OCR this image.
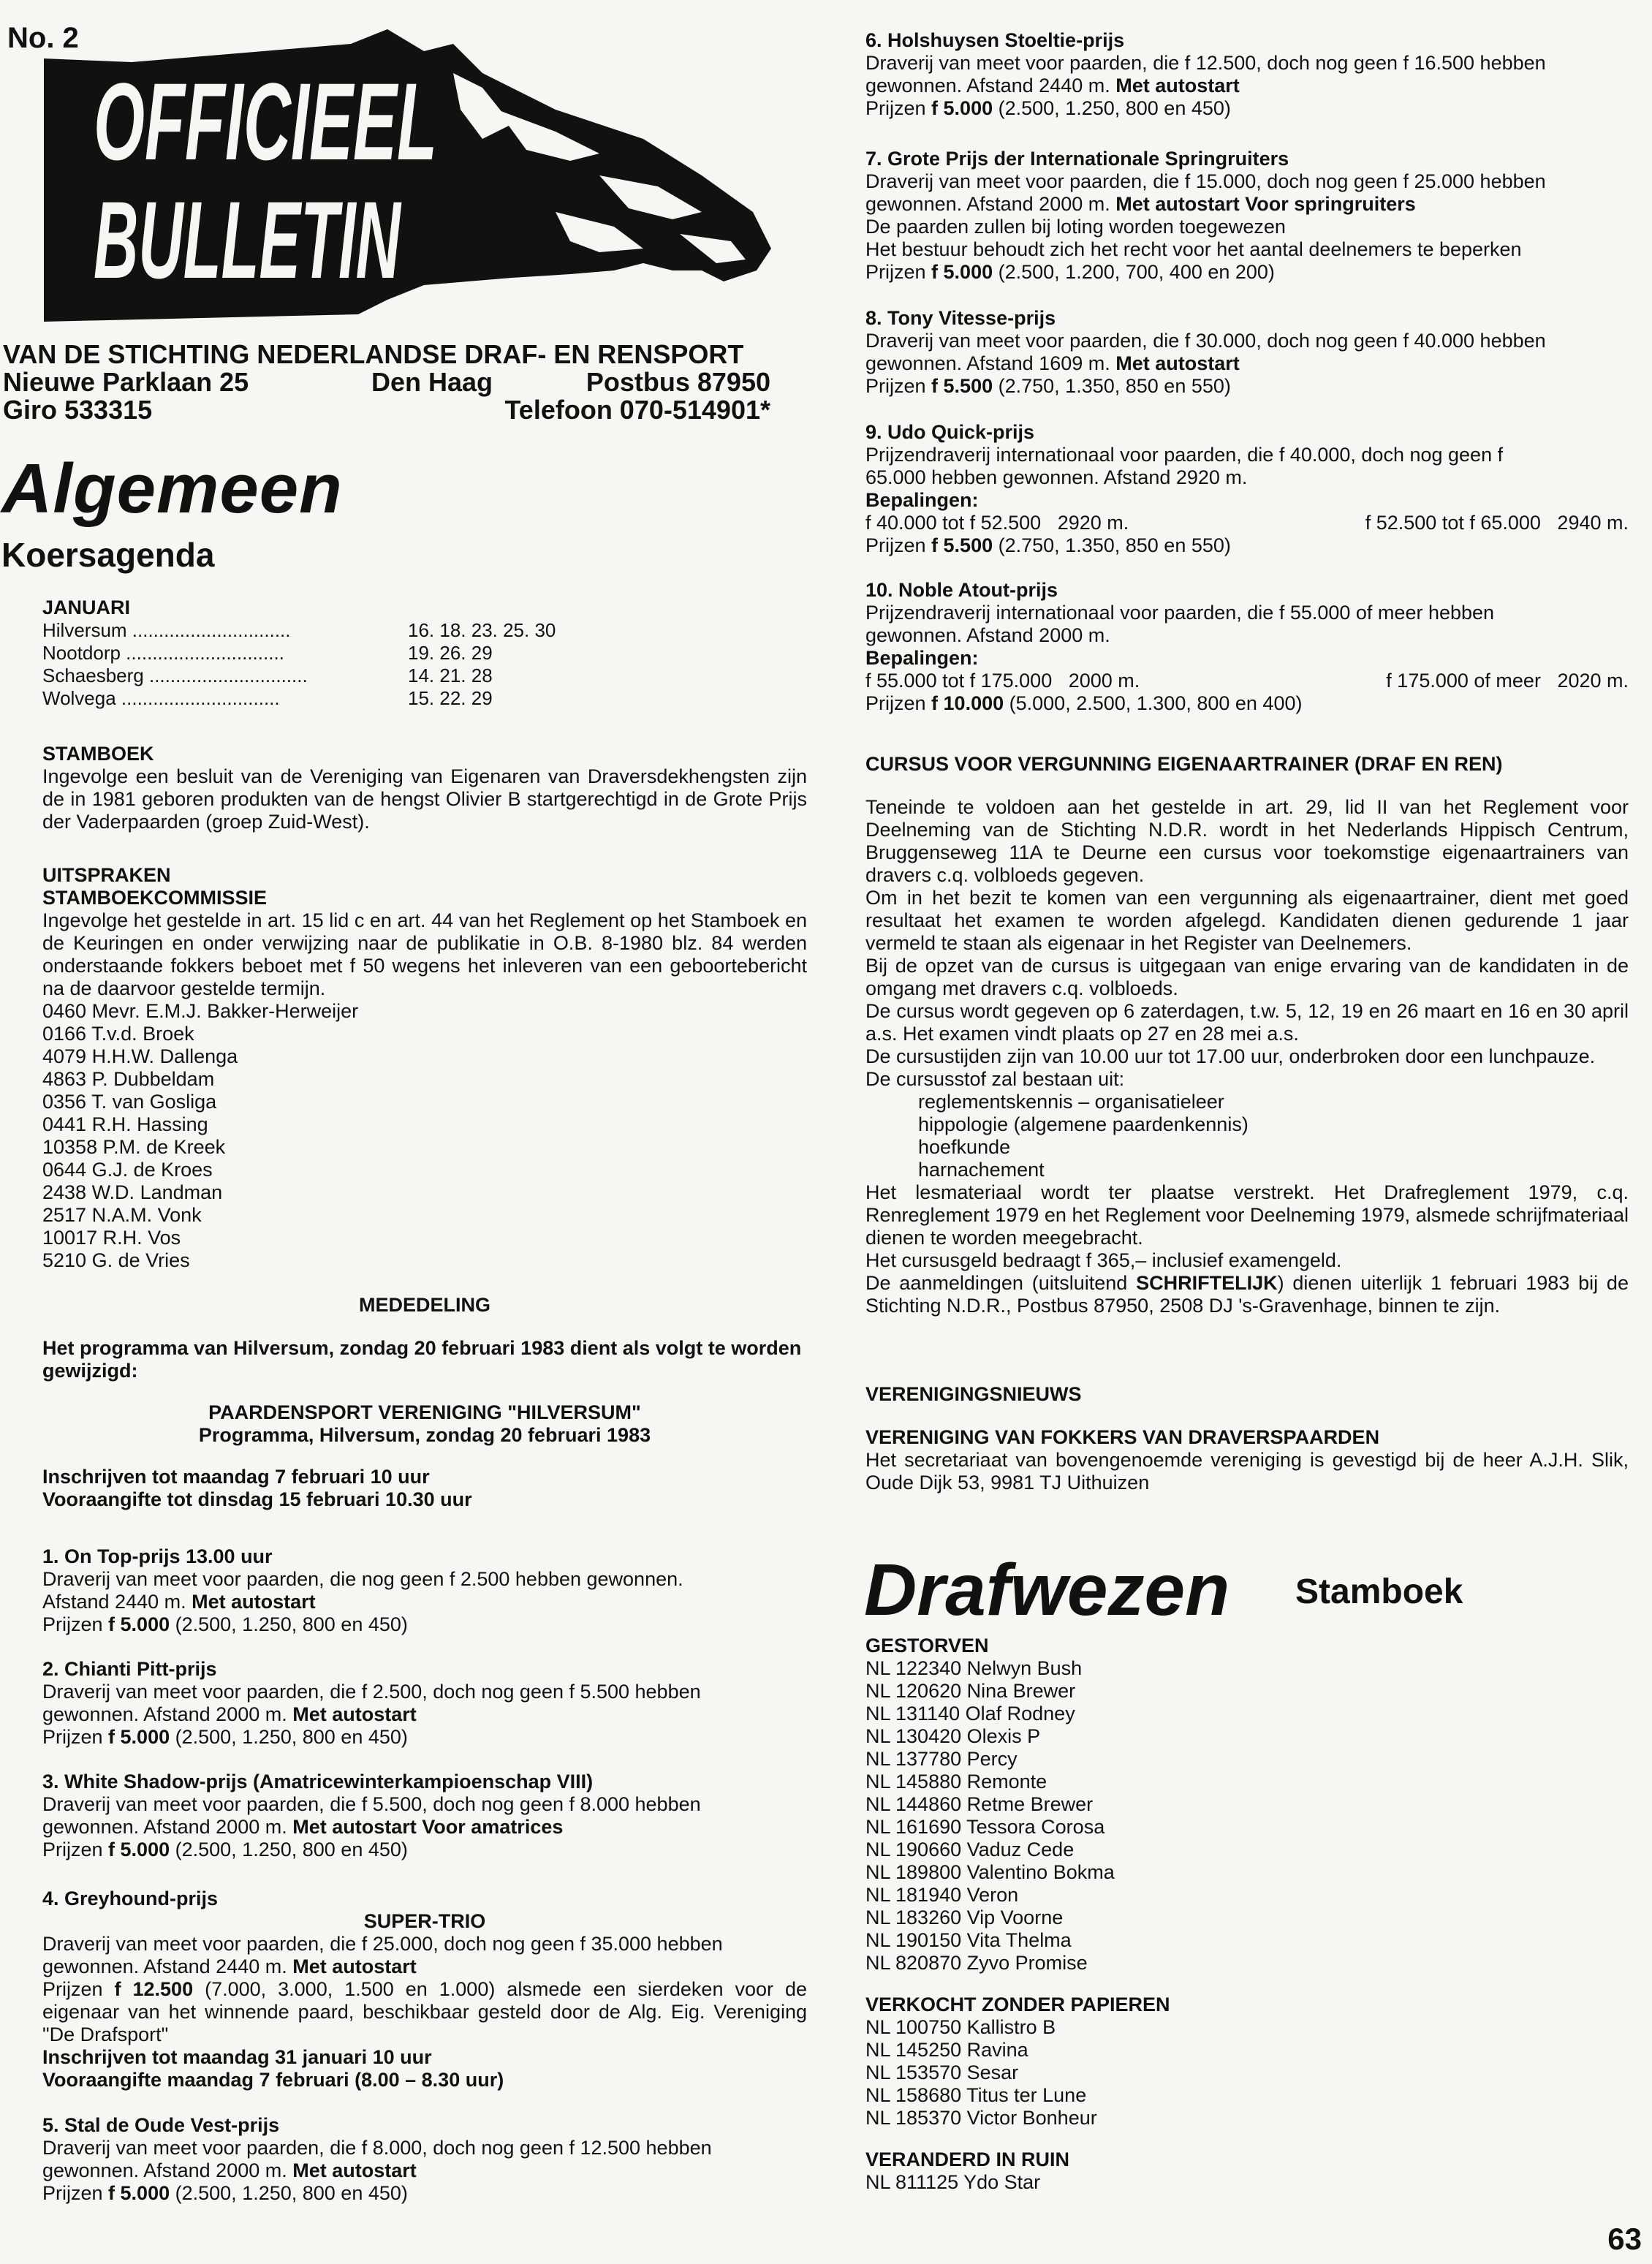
No. 2
OFFICIEEL
BULLETIN
VAN DE STICHTING NEDERLANDSE DRAF- EN RENSPORT
Nieuwe Parklaan 25	Den Haag	Postbus 87950
Giro 533315	Telefoon 070-514901*
Algemeen
Koersagenda
JANUARI
Hilversum ..............................	16. 18. 23. 25. 30
Nootdorp ..............................	19. 26. 29
Schaesberg ..............................	14. 21. 28
Wolvega ..............................	15. 22. 29
STAMBOEK

Ingevolge een besluit van de Vereniging van Eigenaren van Draversdekhengsten zijn de in 1981 geboren produkten van de hengst Olivier B startgerechtigd in de Grote Prijs der Vaderpaarden (groep Zuid-West).

UITSPRAKEN
STAMBOEKCOMMISSIE

Ingevolge het gestelde in art. 15 lid c en art. 44 van het Reglement op het Stamboek en de Keuringen en onder verwijzing naar de publikatie in O.B. 8-1980 blz. 84 werden onderstaande fokkers beboet met f 50 wegens het inleveren van een geboortebericht na de daarvoor gestelde termijn.

0460 Mevr. E.M.J. Bakker-Herweijer
0166 T.v.d. Broek
4079 H.H.W. Dallenga
4863 P. Dubbeldam
0356 T. van Gosliga
0441 R.H. Hassing
10358 P.M. de Kreek
0644 G.J. de Kroes
2438 W.D. Landman
2517 N.A.M. Vonk
10017 R.H. Vos
5210 G. de Vries
MEDEDELING

Het programma van Hilversum, zondag 20 februari 1983 dient als volgt te worden gewijzigd:

PAARDENSPORT VERENIGING "HILVERSUM"
Programma, Hilversum, zondag 20 februari 1983
Inschrijven tot maandag 7 februari 10 uur
Vooraangifte tot dinsdag 15 februari 10.30 uur
1. On Top-prijs 13.00 uur
Draverij van meet voor paarden, die nog geen f 2.500 hebben gewonnen.
Afstand 2440 m. Met autostart
Prijzen f 5.000 (2.500, 1.250, 800 en 450)
2. Chianti Pitt-prijs
Draverij van meet voor paarden, die f 2.500, doch nog geen f 5.500 hebben
gewonnen. Afstand 2000 m. Met autostart
Prijzen f 5.000 (2.500, 1.250, 800 en 450)
3. White Shadow-prijs (Amatricewinterkampioenschap VIII)
Draverij van meet voor paarden, die f 5.500, doch nog geen f 8.000 hebben
gewonnen. Afstand 2000 m. Met autostart Voor amatrices
Prijzen f 5.000 (2.500, 1.250, 800 en 450)
4. Greyhound-prijs
SUPER-TRIO
Draverij van meet voor paarden, die f 25.000, doch nog geen f 35.000 hebben
gewonnen. Afstand 2440 m. Met autostart

Prijzen f 12.500 (7.000, 3.000, 1.500 en 1.000) alsmede een sierdeken voor de eigenaar van het winnende paard, beschikbaar gesteld door de Alg. Eig. Vereniging "De Drafsport"

Inschrijven tot maandag 31 januari 10 uur
Vooraangifte maandag 7 februari (8.00 – 8.30 uur)
5. Stal de Oude Vest-prijs
Draverij van meet voor paarden, die f 8.000, doch nog geen f 12.500 hebben
gewonnen. Afstand 2000 m. Met autostart
Prijzen f 5.000 (2.500, 1.250, 800 en 450)
6. Holshuysen Stoeltie-prijs
Draverij van meet voor paarden, die f 12.500, doch nog geen f 16.500 hebben
gewonnen. Afstand 2440 m. Met autostart
Prijzen f 5.000 (2.500, 1.250, 800 en 450)
7. Grote Prijs der Internationale Springruiters
Draverij van meet voor paarden, die f 15.000, doch nog geen f 25.000 hebben
gewonnen. Afstand 2000 m. Met autostart Voor springruiters
De paarden zullen bij loting worden toegewezen
Het bestuur behoudt zich het recht voor het aantal deelnemers te beperken
Prijzen f 5.000 (2.500, 1.200, 700, 400 en 200)
8. Tony Vitesse-prijs
Draverij van meet voor paarden, die f 30.000, doch nog geen f 40.000 hebben
gewonnen. Afstand 1609 m. Met autostart
Prijzen f 5.500 (2.750, 1.350, 850 en 550)
9. Udo Quick-prijs
Prijzendraverij internationaal voor paarden, die f 40.000, doch nog geen f
65.000 hebben gewonnen. Afstand 2920 m.
Bepalingen:
f 40.000 tot f 52.500   2920 m.	f 52.500 tot f 65.000   2940 m.
Prijzen f 5.500 (2.750, 1.350, 850 en 550)
10. Noble Atout-prijs
Prijzendraverij internationaal voor paarden, die f 55.000 of meer hebben
gewonnen. Afstand 2000 m.
Bepalingen:
f 55.000 tot f 175.000   2000 m.	f 175.000 of meer   2020 m.
Prijzen f 10.000 (5.000, 2.500, 1.300, 800 en 400)
CURSUS VOOR VERGUNNING EIGENAARTRAINER (DRAF EN REN)

Teneinde te voldoen aan het gestelde in art. 29, lid II van het Reglement voor Deelneming van de Stichting N.D.R. wordt in het Nederlands Hippisch Centrum, Bruggenseweg 11A te Deurne een cursus voor toekomstige eigenaartrainers van dravers c.q. volbloeds gegeven.

Om in het bezit te komen van een vergunning als eigenaartrainer, dient met goed resultaat het examen te worden afgelegd. Kandidaten dienen gedurende 1 jaar vermeld te staan als eigenaar in het Register van Deelnemers.

Bij de opzet van de cursus is uitgegaan van enige ervaring van de kandidaten in de omgang met dravers c.q. volbloeds.

De cursus wordt gegeven op 6 zaterdagen, t.w. 5, 12, 19 en 26 maart en 16 en 30 april a.s. Het examen vindt plaats op 27 en 28 mei a.s.

De cursustijden zijn van 10.00 uur tot 17.00 uur, onderbroken door een lunchpauze.

De cursusstof zal bestaan uit:

reglementskennis – organisatieleer
hippologie (algemene paardenkennis)
hoefkunde
harnachement

Het lesmateriaal wordt ter plaatse verstrekt. Het Drafreglement 1979, c.q. Renreglement 1979 en het Reglement voor Deelneming 1979, alsmede schrijfmateriaal dienen te worden meegebracht.

Het cursusgeld bedraagt f 365,– inclusief examengeld.

De aanmeldingen (uitsluitend SCHRIFTELIJK) dienen uiterlijk 1 februari 1983 bij de Stichting N.D.R., Postbus 87950, 2508 DJ 's-Gravenhage, binnen te zijn.

VERENIGINGSNIEUWS
VERENIGING VAN FOKKERS VAN DRAVERSPAARDEN

Het secretariaat van bovengenoemde vereniging is gevestigd bij de heer A.J.H. Slik, Oude Dijk 53, 9981 TJ Uithuizen

Drafwezen Stamboek
GESTORVEN
NL 122340 Nelwyn Bush
NL 120620 Nina Brewer
NL 131140 Olaf Rodney
NL 130420 Olexis P
NL 137780 Percy
NL 145880 Remonte
NL 144860 Retme Brewer
NL 161690 Tessora Corosa
NL 190660 Vaduz Cede
NL 189800 Valentino Bokma
NL 181940 Veron
NL 183260 Vip Voorne
NL 190150 Vita Thelma
NL 820870 Zyvo Promise
VERKOCHT ZONDER PAPIEREN
NL 100750 Kallistro B
NL 145250 Ravina
NL 153570 Sesar
NL 158680 Titus ter Lune
NL 185370 Victor Bonheur
VERANDERD IN RUIN
NL 811125 Ydo Star
63
